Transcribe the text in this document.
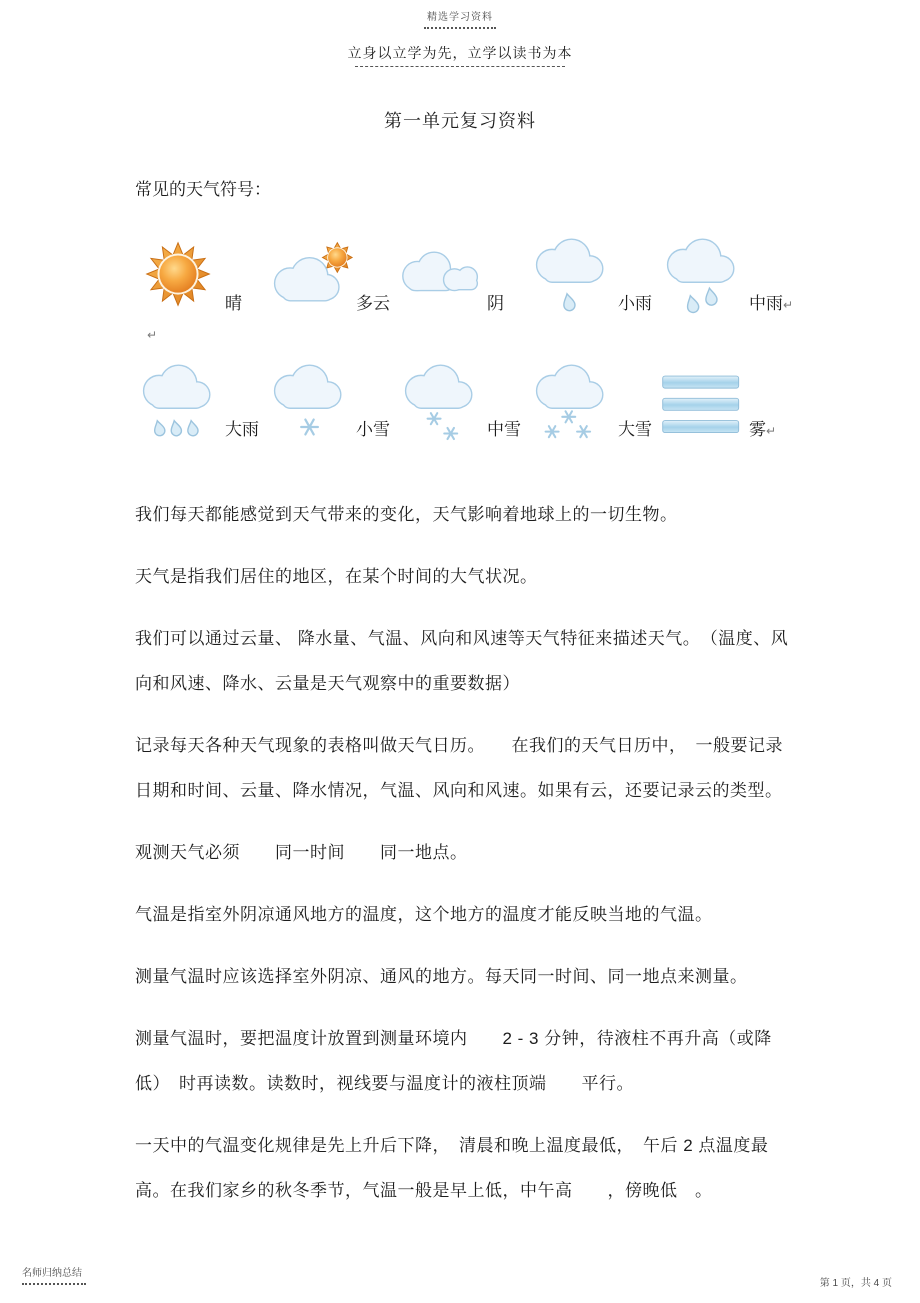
精选学习资料
立身以立学为先，立学以读书为本
第一单元复习资料
常见的天气符号：
晴	多云	阴	小雨	中雨↵
↵
大雨	小雪	中雪	大雪	雾↵

我们每天都能感觉到天气带来的变化，天气影响着地球上的一切生物。

天气是指我们居住的地区，在某个时间的大气状况。

我们可以通过云量、 降水量、气温、风向和风速等天气特征来描述天气。　（温度、风向和风速、降水、云量是天气观察中的重要数据）

记录每天各种天气现象的表格叫做天气日历。　　在我们的天气日历中，　一般要记录日期和时间、云量、降水情况，气温、风向和风速。如果有云，还要记录云的类型。

观测天气必须　　同一时间　　同一地点。

气温是指室外阴凉通风地方的温度，这个地方的温度才能反映当地的气温。

测量气温时应该选择室外阴凉、通风的地方。每天同一时间、同一地点来测量。

测量气温时，要把温度计放置到测量环境内　　2 - 3 分钟，待液柱不再升高（或降低）　时再读数。读数时，视线要与温度计的液柱顶端　　平行。

一天中的气温变化规律是先上升后下降，　清晨和晚上温度最低，　午后 2 点温度最高。在我们家乡的秋冬季节，气温一般是早上低，中午高　　，傍晚低　。

名师归纳总结
第 1 页，共 4 页
